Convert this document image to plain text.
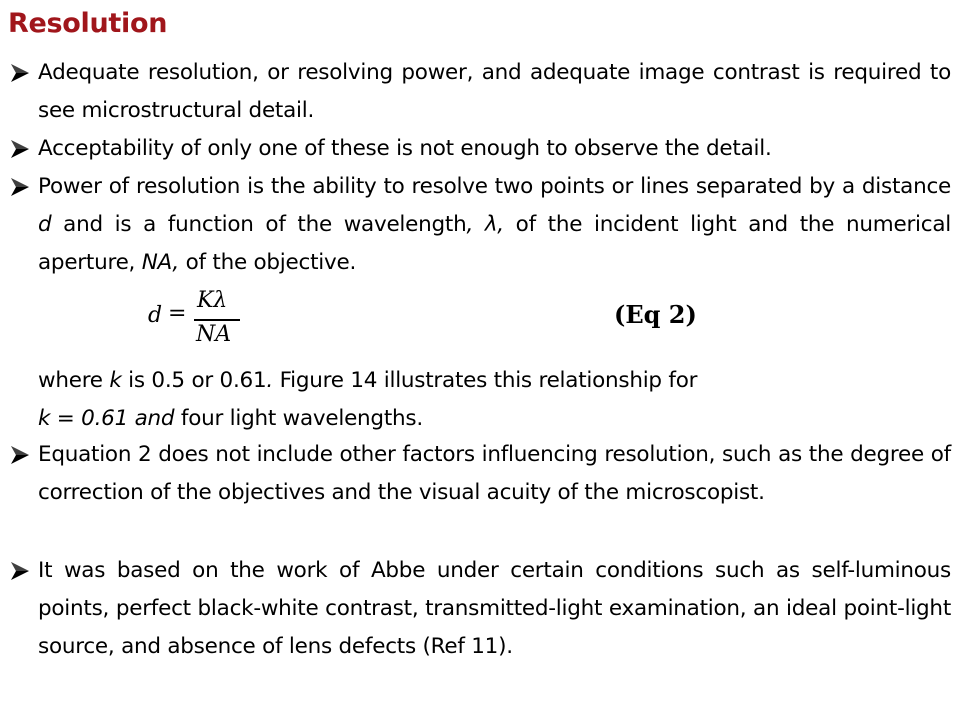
Resolution
Adequate resolution, or resolving power, and adequate image contrast is required to see microstructural detail.
Acceptability of only one of these is not enough to observe the detail.
Power of resolution is the ability to resolve two points or lines separated by a distance d and is a function of the wavelength, λ, of the incident light and the numerical aperture, NA, of the objective.
d =
Kλ
NA
(Eq 2)
where k is 0.5 or 0.61. Figure 14 illustrates this relationship for
k = 0.61 and four light wavelengths.
Equation 2 does not include other factors influencing resolution, such as the degree of correction of the objectives and the visual acuity of the microscopist.
It was based on the work of Abbe under certain conditions such as self-luminous points, perfect black-white contrast, transmitted-light examination, an ideal point-light source, and absence of lens defects (Ref 11).
